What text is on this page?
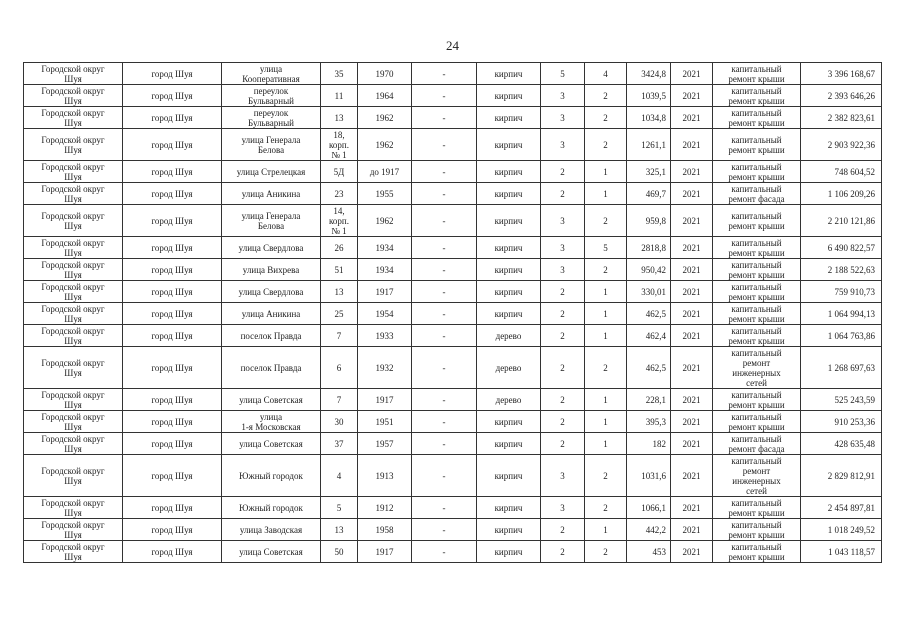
24
Городской округ
Шуя	город Шуя	улица
Кооперативная	35	1970	-	кирпич	5	4	3424,8	2021	капитальный
ремонт крыши	3 396 168,67

Городской округ
Шуя	город Шуя	переулок
Бульварный	11	1964	-	кирпич	3	2	1039,5	2021	капитальный
ремонт крыши	2 393 646,26

Городской округ
Шуя	город Шуя	переулок
Бульварный	13	1962	-	кирпич	3	2	1034,8	2021	капитальный
ремонт крыши	2 382 823,61

Городской округ
Шуя	город Шуя	улица Генерала
Белова	18,
корп.
№ 1	1962	-	кирпич	3	2	1261,1	2021	капитальный
ремонт крыши	2 903 922,36

Городской округ
Шуя	город Шуя	улица Стрелецкая	5Д	до 1917	-	кирпич	2	1	325,1	2021	капитальный
ремонт крыши	748 604,52

Городской округ
Шуя	город Шуя	улица Аникина	23	1955	-	кирпич	2	1	469,7	2021	капитальный
ремонт фасада	1 106 209,26

Городской округ
Шуя	город Шуя	улица Генерала
Белова	14,
корп.
№ 1	1962	-	кирпич	3	2	959,8	2021	капитальный
ремонт крыши	2 210 121,86

Городской округ
Шуя	город Шуя	улица Свердлова	26	1934	-	кирпич	3	5	2818,8	2021	капитальный
ремонт крыши	6 490 822,57

Городской округ
Шуя	город Шуя	улица Вихрева	51	1934	-	кирпич	3	2	950,42	2021	капитальный
ремонт крыши	2 188 522,63

Городской округ
Шуя	город Шуя	улица Свердлова	13	1917	-	кирпич	2	1	330,01	2021	капитальный
ремонт крыши	759 910,73

Городской округ
Шуя	город Шуя	улица Аникина	25	1954	-	кирпич	2	1	462,5	2021	капитальный
ремонт крыши	1 064 994,13

Городской округ
Шуя	город Шуя	поселок Правда	7	1933	-	дерево	2	1	462,4	2021	капитальный
ремонт крыши	1 064 763,86

Городской округ
Шуя	город Шуя	поселок Правда	6	1932	-	дерево	2	2	462,5	2021	капитальный
ремонт
инженерных
сетей	1 268 697,63

Городской округ
Шуя	город Шуя	улица Советская	7	1917	-	дерево	2	1	228,1	2021	капитальный
ремонт крыши	525 243,59

Городской округ
Шуя	город Шуя	улица
1-я Московская	30	1951	-	кирпич	2	1	395,3	2021	капитальный
ремонт крыши	910 253,36

Городской округ
Шуя	город Шуя	улица Советская	37	1957	-	кирпич	2	1	182	2021	капитальный
ремонт фасада	428 635,48

Городской округ
Шуя	город Шуя	Южный городок	4	1913	-	кирпич	3	2	1031,6	2021	капитальный
ремонт
инженерных
сетей	2 829 812,91

Городской округ
Шуя	город Шуя	Южный городок	5	1912	-	кирпич	3	2	1066,1	2021	капитальный
ремонт крыши	2 454 897,81

Городской округ
Шуя	город Шуя	улица Заводская	13	1958	-	кирпич	2	1	442,2	2021	капитальный
ремонт крыши	1 018 249,52

Городской округ
Шуя	город Шуя	улица Советская	50	1917	-	кирпич	2	2	453	2021	капитальный
ремонт крыши	1 043 118,57
